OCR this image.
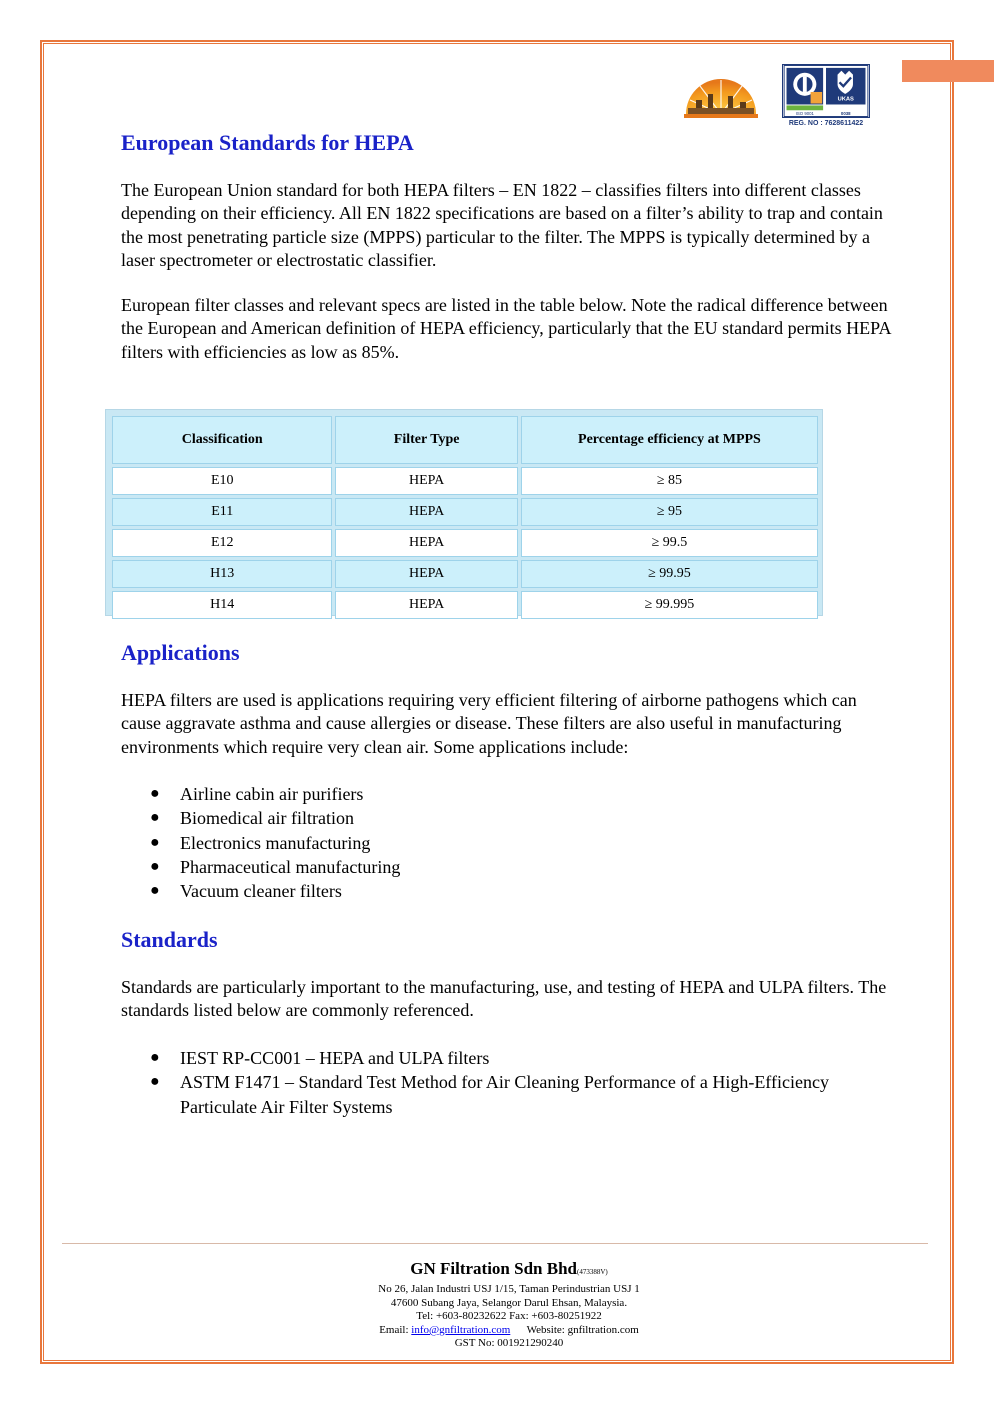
UKAS
ISO 9001	0038
REG. NO : 7628611422
European Standards for HEPA

The European Union standard for both HEPA filters – EN 1822 – classifies filters into different classes depending on their efficiency. All EN 1822 specifications are based on a filter’s ability to trap and contain the most penetrating particle size (MPPS) particular to the filter. The MPPS is typically determined by a laser spectrometer or electrostatic classifier.

European filter classes and relevant specs are listed in the table below. Note the radical difference between the European and American definition of HEPA efficiency, particularly that the EU standard permits HEPA filters with efficiencies as low as 85%.

Classification	Filter Type	Percentage efficiency at MPPS
E10	HEPA	≥ 85
E11	HEPA	≥ 95
E12	HEPA	≥ 99.5
H13	HEPA	≥ 99.95
H14	HEPA	≥ 99.995
Applications

HEPA filters are used is applications requiring very efficient filtering of airborne pathogens which can cause aggravate asthma and cause allergies or disease. These filters are also useful in manufacturing environments which require very clean air. Some applications include:

● Airline cabin air purifiers
● Biomedical air filtration
● Electronics manufacturing
● Pharmaceutical manufacturing
● Vacuum cleaner filters
Standards

Standards are particularly important to the manufacturing, use, and testing of HEPA and ULPA filters. The standards listed below are commonly referenced.

● IEST RP-CC001 – HEPA and ULPA filters
● ASTM F1471 – Standard Test Method for Air Cleaning Performance of a High-Efficiency Particulate Air Filter Systems
GN Filtration Sdn Bhd(473388V)
No 26, Jalan Industri USJ 1/15, Taman Perindustrian USJ 1
47600 Subang Jaya, Selangor Darul Ehsan, Malaysia.
Tel: +603-80232622 Fax: +603-80251922
Email: info@gnfiltration.com Website: gnfiltration.com
GST No: 001921290240
